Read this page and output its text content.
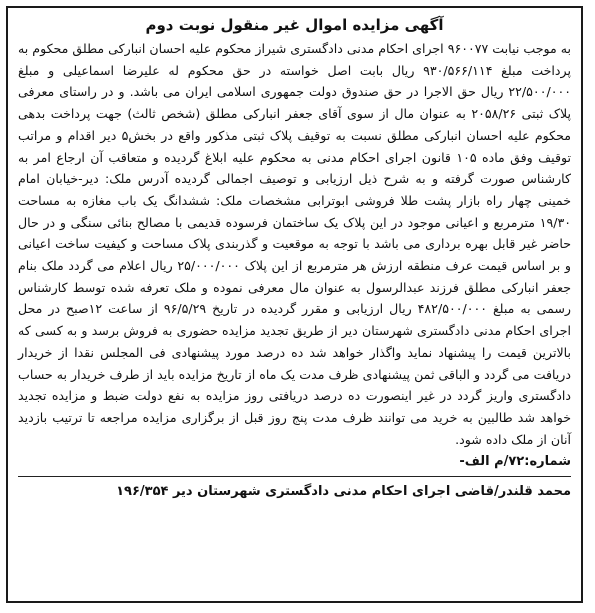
آگهی مزایده اموال غیر منقول نوبت دوم

به موجب نیابت ۹۶۰۰۷۷ اجرای احکام مدنی دادگستری شیراز محکوم علیه احسان انبارکی مطلق محکوم به پرداخت مبلغ ۹۳۰/۵۶۶/۱۱۴ ریال بابت اصل خواسته در حق محکوم له علیرضا اسماعیلی و مبلغ ۲۲/۵۰۰/۰۰۰ ریال حق الاجرا در حق صندوق دولت جمهوری اسلامی ایران می باشد. و در راستای معرفی پلاک ثبتی ۲۰۵۸/۲۶ به عنوان مال از سوی آقای جعفر انبارکی مطلق (شخص ثالث) جهت پرداخت بدهی محکوم علیه احسان انبارکی مطلق نسبت به توقیف پلاک ثبتی مذکور واقع در بخش۵ دیر اقدام و مراتب توقیف وفق ماده ۱۰۵ قانون اجرای احکام مدنی به محکوم علیه ابلاغ گردیده و متعاقب آن ارجاع امر به کارشناس صورت گرفته و به شرح ذیل ارزیابی و توصیف اجمالی گردیده آدرس ملک: دیر-خیابان امام خمینی چهار راه بازار پشت طلا فروشی ابوترابی مشخصات ملک: ششدانگ یک باب مغازه به مساحت ۱۹/۳۰ مترمربع و اعیانی موجود در این پلاک یک ساختمان فرسوده قدیمی با مصالح بنائی سنگی و در حال حاضر غیر قابل بهره برداری می باشد با توجه به موقعیت و گذربندی پلاک مساحت و کیفیت ساخت اعیانی و بر اساس قیمت عرف منطقه ارزش هر مترمربع از این پلاک ۲۵/۰۰۰/۰۰۰ ریال اعلام می گردد ملک بنام جعفر انبارکی مطلق فرزند عبدالرسول به عنوان مال معرفی نموده و ملک تعرفه شده توسط کارشناس رسمی به مبلغ ۴۸۲/۵۰۰/۰۰۰ ریال ارزیابی و مقرر گردیده در تاریخ ۹۶/۵/۲۹ از ساعت ۱۲صبح در محل اجرای احکام مدنی دادگستری شهرستان دیر از طریق تجدید مزایده حضوری به فروش برسد و به کسی که بالاترین قیمت را پیشنهاد نماید واگذار خواهد شد ده درصد مورد پیشنهادی فی المجلس نقدا از خریدار دریافت می گردد و الباقی ثمن پیشنهادی ظرف مدت یک ماه از تاریخ مزایده باید از طرف خریدار به حساب دادگستری واریز گردد در غیر اینصورت ده درصد دریافتی روز مزایده به نفع دولت ضبط و مزایده تجدید خواهد شد طالبین به خرید می توانند ظرف مدت پنج روز قبل از برگزاری مزایده مراجعه تا ترتیب بازدید آنان از ملک داده شود.

شماره:۷۲/م الف-

محمد قلندر/قاضی اجرای احکام مدنی دادگستری شهرستان دیر ۱۹۶/۳۵۴
